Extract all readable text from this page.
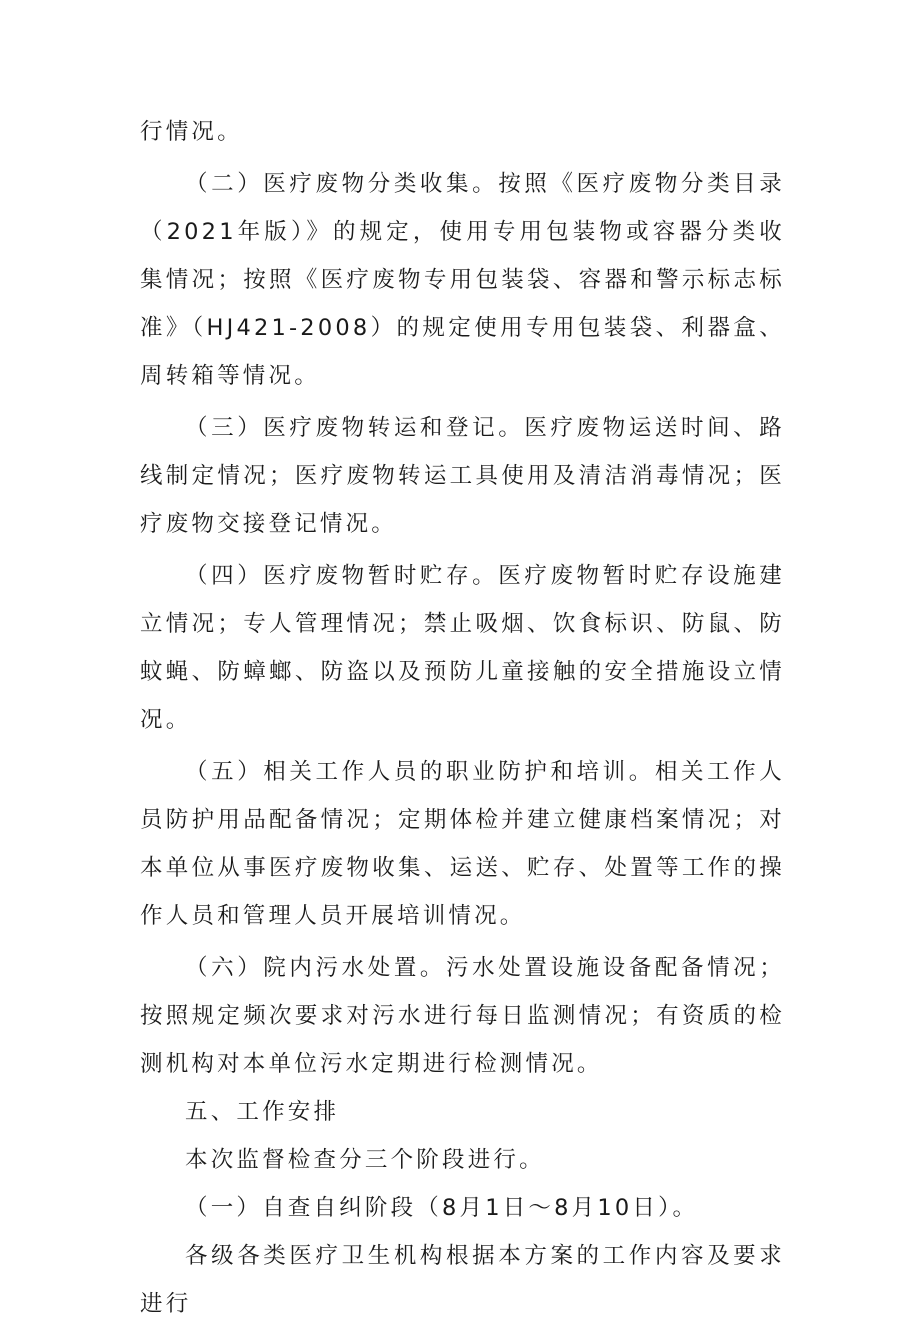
行情况。

（二）医疗废物分类收集。按照《医疗废物分类目录（2021年版）》的规定，使用专用包装物或容器分类收集情况；按照《医疗废物专用包装袋、容器和警示标志标准》（HJ421-2008）的规定使用专用包装袋、利器盒、周转箱等情况。

（三）医疗废物转运和登记。医疗废物运送时间、路线制定情况；医疗废物转运工具使用及清洁消毒情况；医疗废物交接登记情况。

（四）医疗废物暂时贮存。医疗废物暂时贮存设施建立情况；专人管理情况；禁止吸烟、饮食标识、防鼠、防蚊蝇、防蟑螂、防盗以及预防儿童接触的安全措施设立情况。

（五）相关工作人员的职业防护和培训。相关工作人员防护用品配备情况；定期体检并建立健康档案情况；对本单位从事医疗废物收集、运送、贮存、处置等工作的操作人员和管理人员开展培训情况。

（六）院内污水处置。污水处置设施设备配备情况；按照规定频次要求对污水进行每日监测情况；有资质的检测机构对本单位污水定期进行检测情况。

五、工作安排

本次监督检查分三个阶段进行。

（一）自查自纠阶段（8月1日～8月10日）。

各级各类医疗卫生机构根据本方案的工作内容及要求进行
